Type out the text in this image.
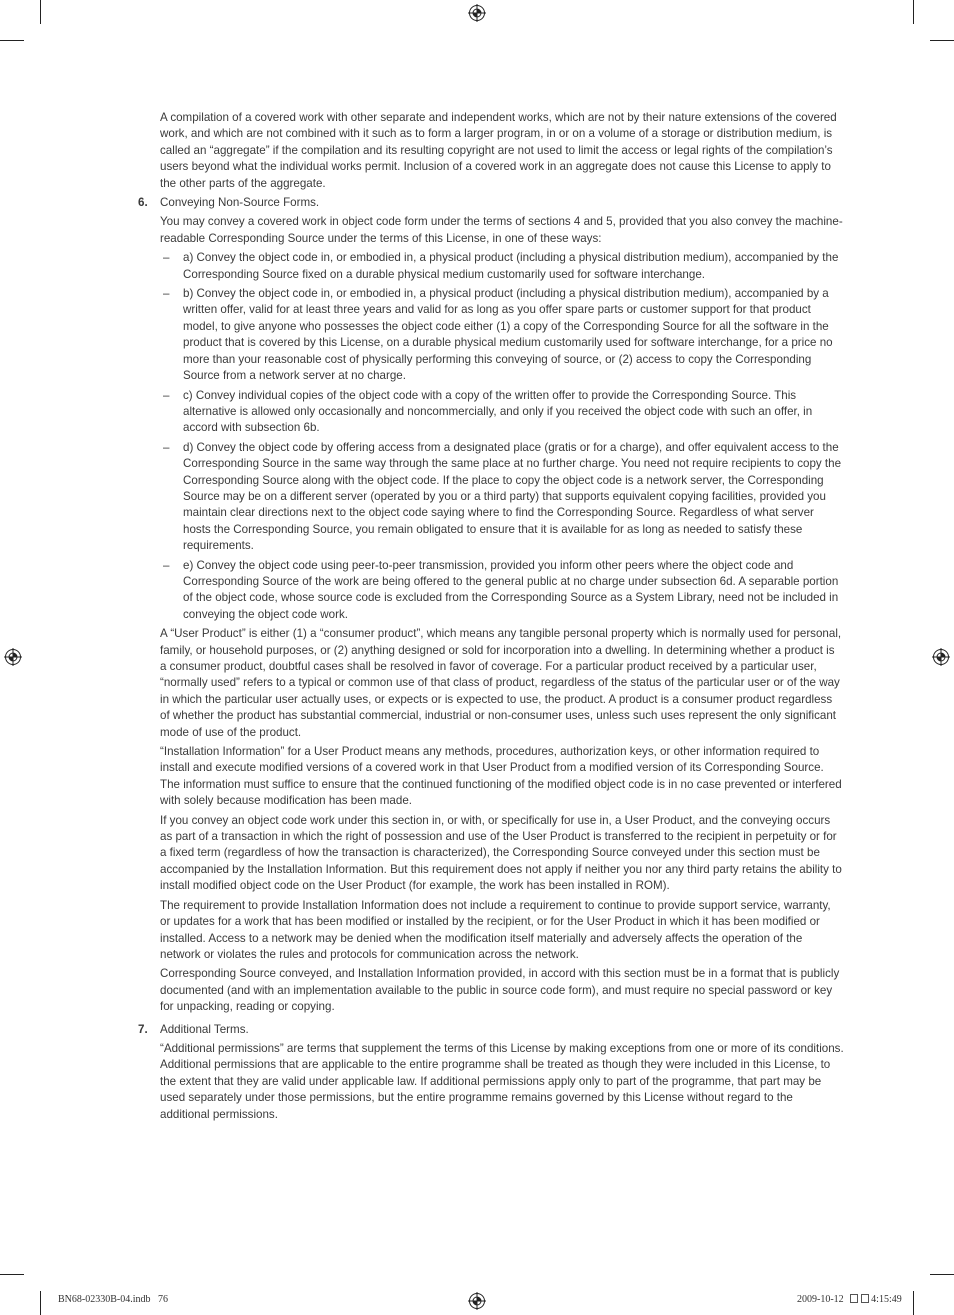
A compilation of a covered work with other separate and independent works, which are not by their nature extensions of the covered work, and which are not combined with it such as to form a larger program, in or on a volume of a storage or distribution medium, is called an “aggregate” if the compilation and its resulting copyright are not used to limit the access or legal rights of the compilation’s users beyond what the individual works permit. Inclusion of a covered work in an aggregate does not cause this License to apply to the other parts of the aggregate.

6. Conveying Non-Source Forms.

You may convey a covered work in object code form under the terms of sections 4 and 5, provided that you also convey the machine-readable Corresponding Source under the terms of this License, in one of these ways:

– a) Convey the object code in, or embodied in, a physical product (including a physical distribution medium), accompanied by the Corresponding Source fixed on a durable physical medium customarily used for software interchange.
– b) Convey the object code in, or embodied in, a physical product (including a physical distribution medium), accompanied by a written offer, valid for at least three years and valid for as long as you offer spare parts or customer support for that product model, to give anyone who possesses the object code either (1) a copy of the Corresponding Source for all the software in the product that is covered by this License, on a durable physical medium customarily used for software interchange, for a price no more than your reasonable cost of physically performing this conveying of source, or (2) access to copy the Corresponding Source from a network server at no charge.
– c) Convey individual copies of the object code with a copy of the written offer to provide the Corresponding Source. This alternative is allowed only occasionally and noncommercially, and only if you received the object code with such an offer, in accord with subsection 6b.
– d) Convey the object code by offering access from a designated place (gratis or for a charge), and offer equivalent access to the Corresponding Source in the same way through the same place at no further charge. You need not require recipients to copy the Corresponding Source along with the object code. If the place to copy the object code is a network server, the Corresponding Source may be on a different server (operated by you or a third party) that supports equivalent copying facilities, provided you maintain clear directions next to the object code saying where to find the Corresponding Source. Regardless of what server hosts the Corresponding Source, you remain obligated to ensure that it is available for as long as needed to satisfy these requirements.
– e) Convey the object code using peer-to-peer transmission, provided you inform other peers where the object code and Corresponding Source of the work are being offered to the general public at no charge under subsection 6d. A separable portion of the object code, whose source code is excluded from the Corresponding Source as a System Library, need not be included in conveying the object code work.

A “User Product” is either (1) a “consumer product”, which means any tangible personal property which is normally used for personal, family, or household purposes, or (2) anything designed or sold for incorporation into a dwelling. In determining whether a product is a consumer product, doubtful cases shall be resolved in favor of coverage. For a particular product received by a particular user, “normally used” refers to a typical or common use of that class of product, regardless of the status of the particular user or of the way in which the particular user actually uses, or expects or is expected to use, the product. A product is a consumer product regardless of whether the product has substantial commercial, industrial or non-consumer uses, unless such uses represent the only significant mode of use of the product.

“Installation Information” for a User Product means any methods, procedures, authorization keys, or other information required to install and execute modified versions of a covered work in that User Product from a modified version of its Corresponding Source. The information must suffice to ensure that the continued functioning of the modified object code is in no case prevented or interfered with solely because modification has been made.

If you convey an object code work under this section in, or with, or specifically for use in, a User Product, and the conveying occurs as part of a transaction in which the right of possession and use of the User Product is transferred to the recipient in perpetuity or for a fixed term (regardless of how the transaction is characterized), the Corresponding Source conveyed under this section must be accompanied by the Installation Information. But this requirement does not apply if neither you nor any third party retains the ability to install modified object code on the User Product (for example, the work has been installed in ROM).

The requirement to provide Installation Information does not include a requirement to continue to provide support service, warranty, or updates for a work that has been modified or installed by the recipient, or for the User Product in which it has been modified or installed. Access to a network may be denied when the modification itself materially and adversely affects the operation of the network or violates the rules and protocols for communication across the network.

Corresponding Source conveyed, and Installation Information provided, in accord with this section must be in a format that is publicly documented (and with an implementation available to the public in source code form), and must require no special password or key for unpacking, reading or copying.

7. Additional Terms.

“Additional permissions” are terms that supplement the terms of this License by making exceptions from one or more of its conditions. Additional permissions that are applicable to the entire programme shall be treated as though they were included in this License, to the extent that they are valid under applicable law. If additional permissions apply only to part of the programme, that part may be used separately under those permissions, but the entire programme remains governed by this License without regard to the additional permissions.

BN68-02330B-04.indb   76	2009-10-12	4:15:49
